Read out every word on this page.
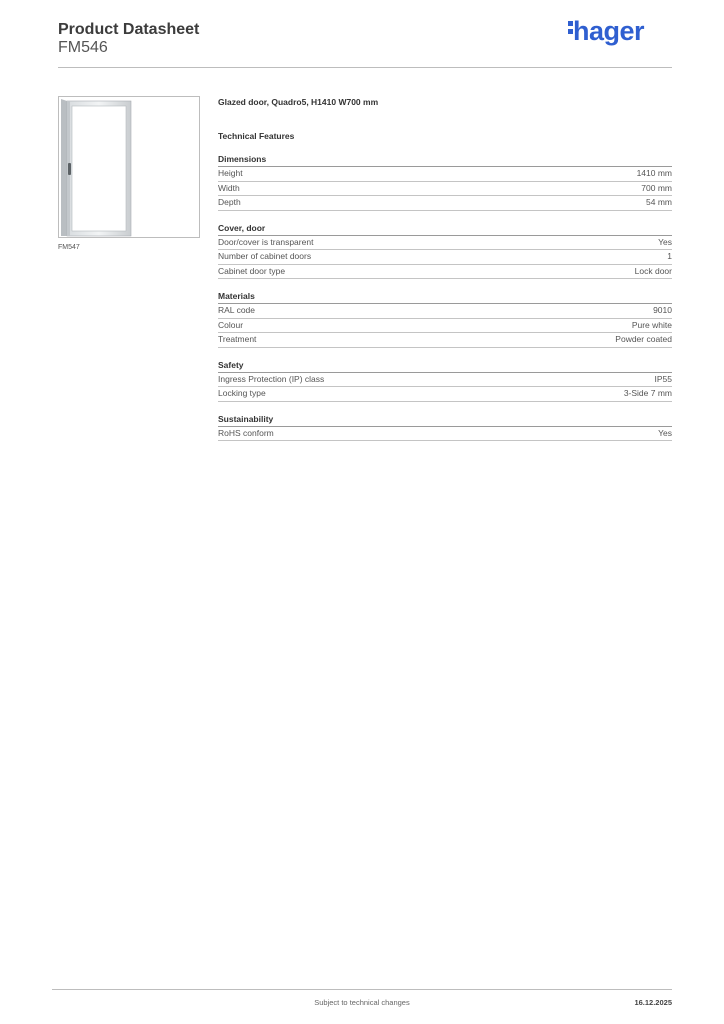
Product Datasheet
FM546
hager
FM547
Glazed door, Quadro5, H1410 W700 mm
Technical Features
Dimensions
Height	1410 mm
Width	700 mm
Depth	54 mm
Cover, door
Door/cover is transparent	Yes
Number of cabinet doors	1
Cabinet door type	Lock door
Materials
RAL code	9010
Colour	Pure white
Treatment	Powder coated
Safety
Ingress Protection (IP) class	IP55
Locking type	3-Side 7 mm
Sustainability
RoHS conform	Yes
Subject to technical changes	16.12.2025
